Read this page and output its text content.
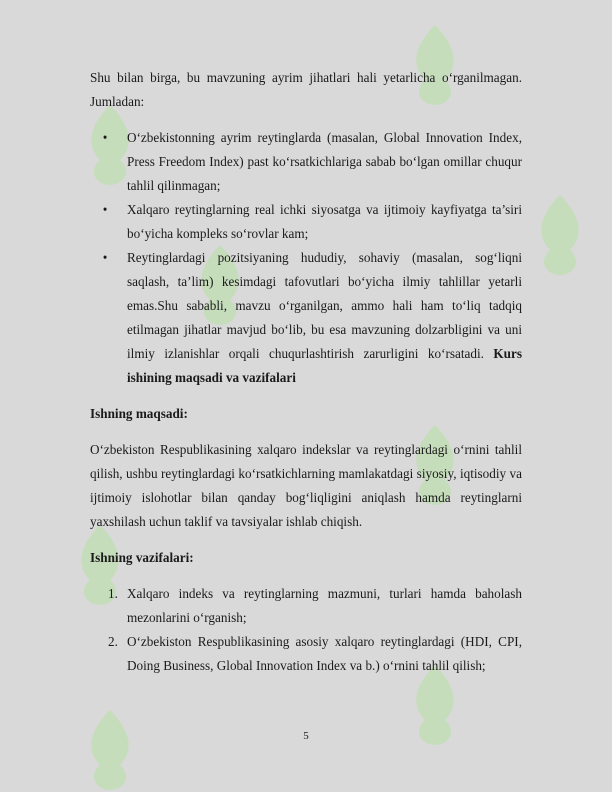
Shu bilan birga, bu mavzuning ayrim jihatlari hali yetarlicha o‘rganilmagan. Jumladan:

• O‘zbekistonning ayrim reytinglarda (masalan, Global Innovation Index, Press Freedom Index) past ko‘rsatkichlariga sabab bo‘lgan omillar chuqur tahlil qilinmagan;
• Xalqaro reytinglarning real ichki siyosatga va ijtimoiy kayfiyatga ta’siri bo‘yicha kompleks so‘rovlar kam;
• Reytinglardagi pozitsiyaning hududiy, sohaviy (masalan, sog‘liqni saqlash, ta’lim) kesimdagi tafovutlari bo‘yicha ilmiy tahlillar yetarli emas.Shu sababli, mavzu o‘rganilgan, ammo hali ham to‘liq tadqiq etilmagan jihatlar mavjud bo‘lib, bu esa mavzuning dolzarbligini va uni ilmiy izlanishlar orqali chuqurlashtirish zarurligini ko‘rsatadi. Kurs ishining maqsadi va vazifalari

Ishning maqsadi:

O‘zbekiston Respublikasining xalqaro indekslar va reytinglardagi o‘rnini tahlil qilish, ushbu reytinglardagi ko‘rsatkichlarning mamlakatdagi siyosiy, iqtisodiy va ijtimoiy islohotlar bilan qanday bog‘liqligini aniqlash hamda reytinglarni yaxshilash uchun taklif va tavsiyalar ishlab chiqish.

Ishning vazifalari:

1. Xalqaro indeks va reytinglarning mazmuni, turlari hamda baholash mezonlarini o‘rganish;
2. O‘zbekiston Respublikasining asosiy xalqaro reytinglardagi (HDI, CPI, Doing Business, Global Innovation Index va b.) o‘rnini tahlil qilish;
5
